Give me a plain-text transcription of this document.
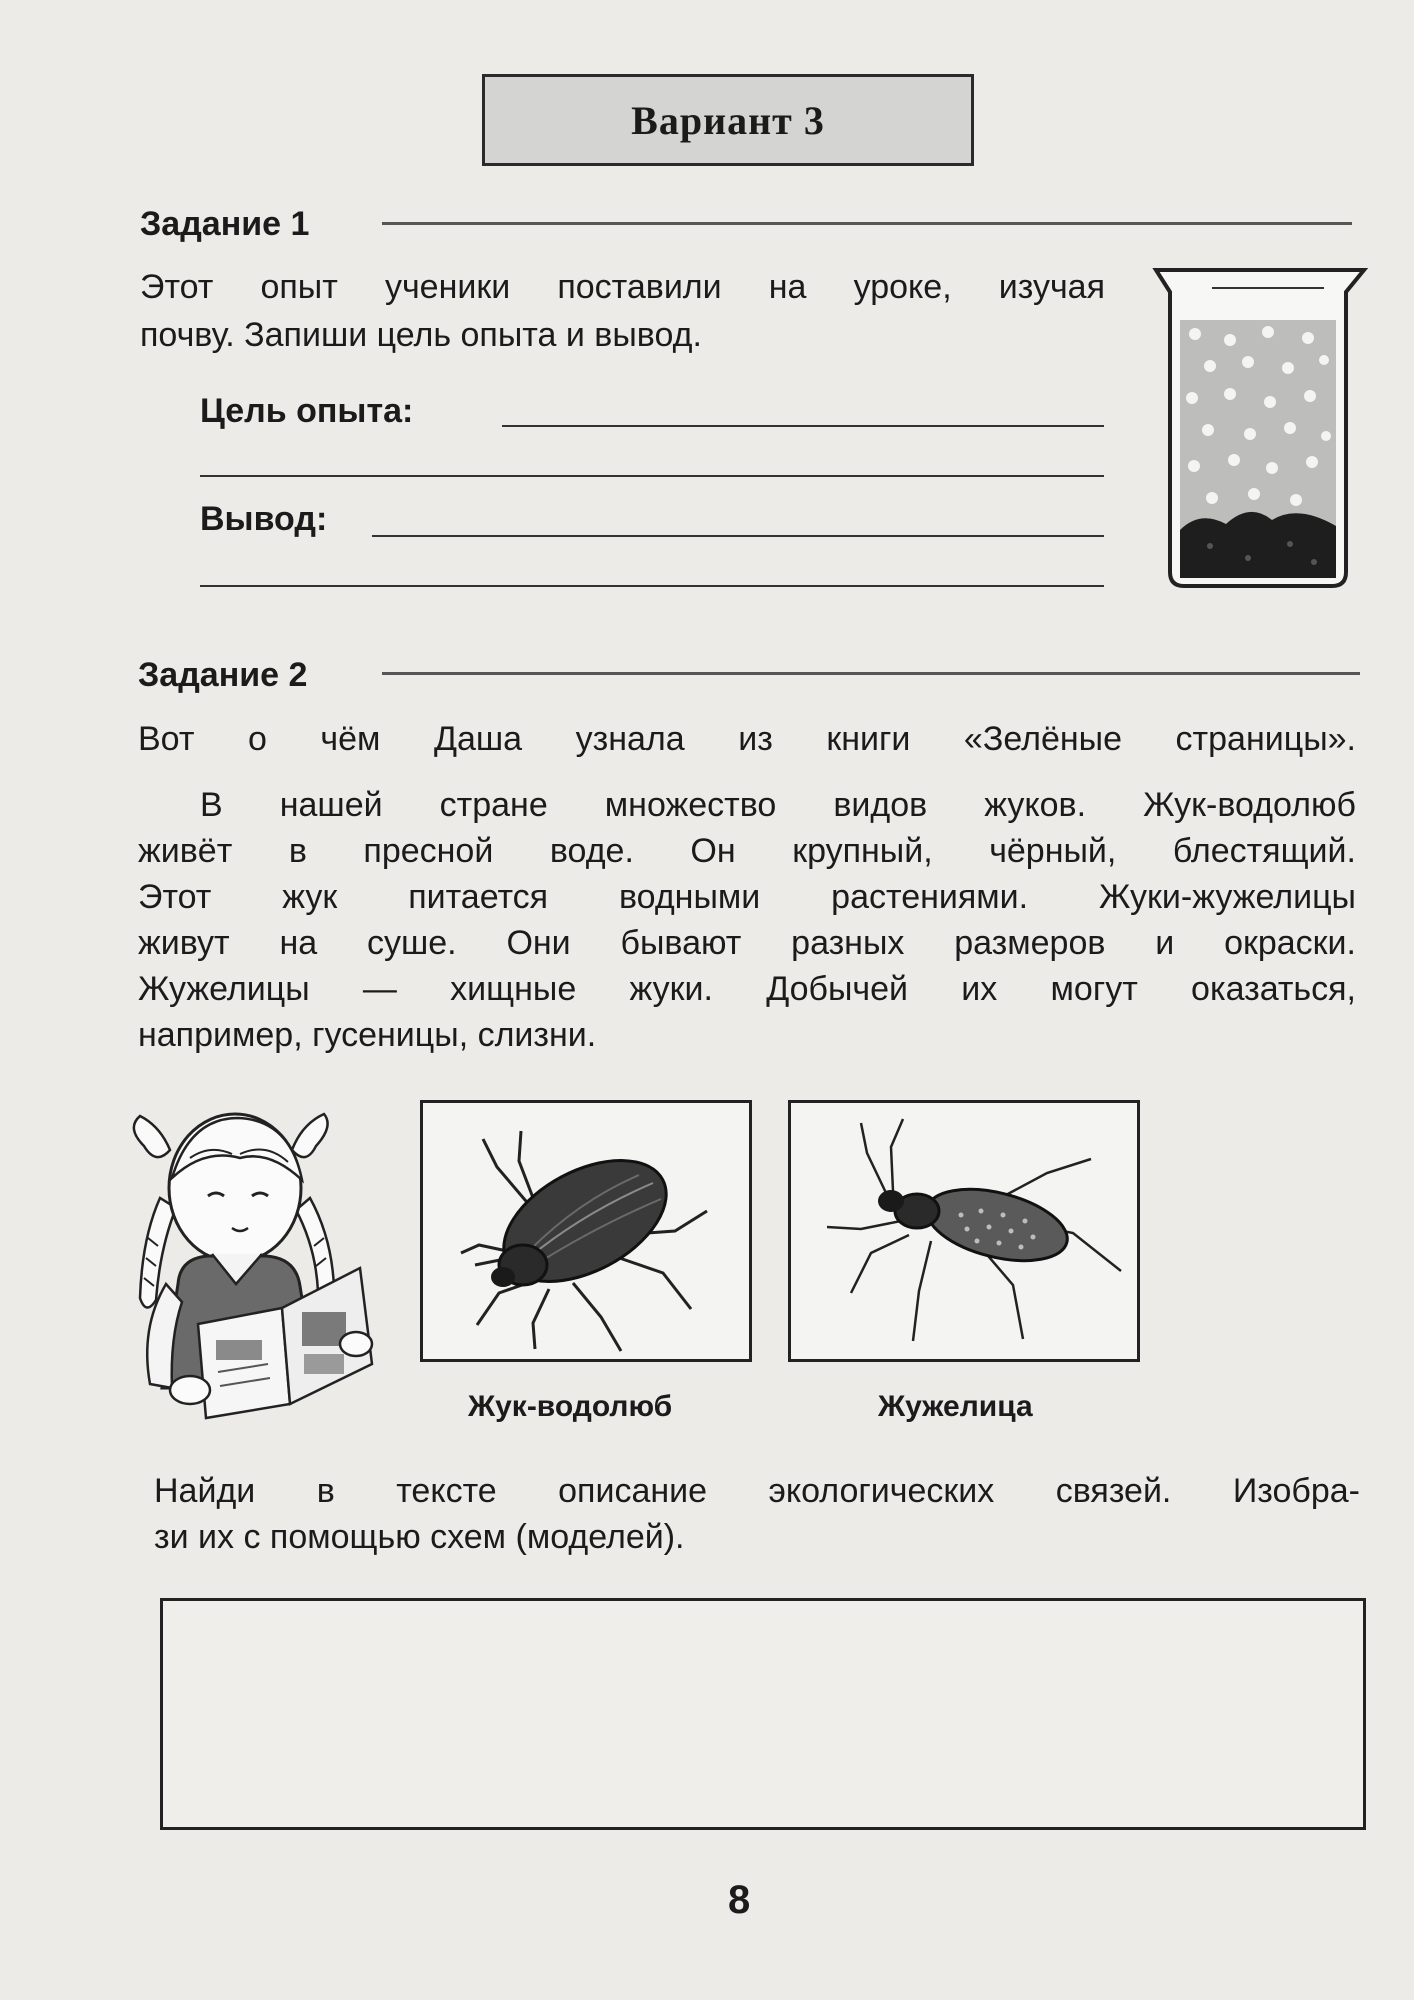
Вариант 3
Задание 1
Этот опыт ученики поставили на уроке, изучая
почву. Запиши цель опыта и вывод.
Цель опыта:
Вывод:
Задание 2
Вот о чём Даша узнала из книги «Зелёные страницы».
В нашей стране множество видов жуков. Жук-водолюб
живёт в пресной воде. Он крупный, чёрный, блестящий.
Этот жук питается водными растениями. Жуки-жужелицы
живут на суше. Они бывают разных размеров и окраски.
Жужелицы — хищные жуки. Добычей их могут оказаться,
например, гусеницы, слизни.
Жук-водолюб	Жужелица
Найди в тексте описание экологических связей. Изобра-
зи их с помощью схем (моделей).
8
